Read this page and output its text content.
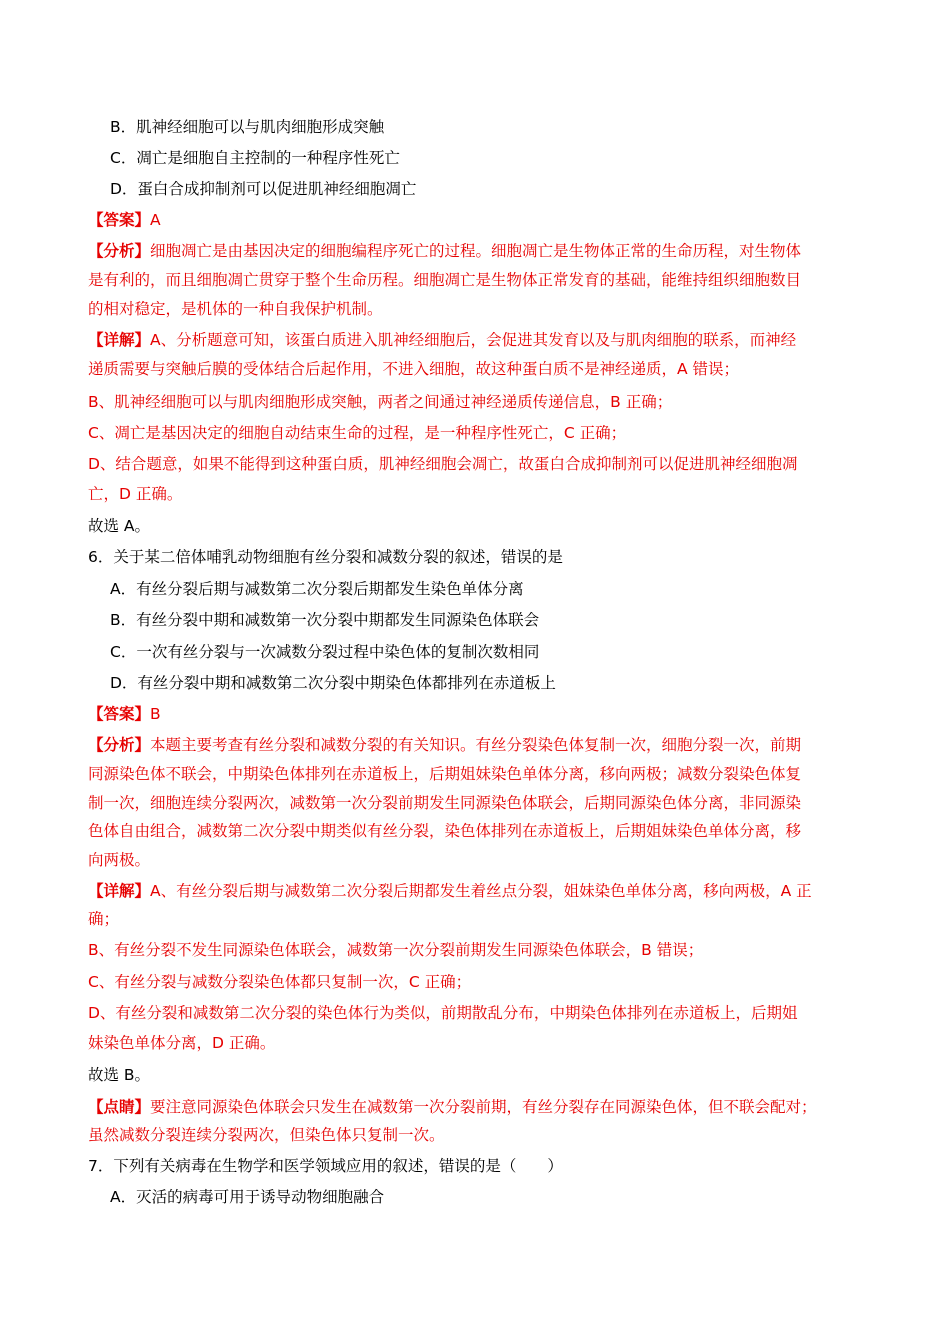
B．肌神经细胞可以与肌肉细胞形成突触
C．凋亡是细胞自主控制的一种程序性死亡
D．蛋白合成抑制剂可以促进肌神经细胞凋亡
【答案】A
【分析】细胞凋亡是由基因决定的细胞编程序死亡的过程。细胞凋亡是生物体正常的生命历程，对生物体
是有利的，而且细胞凋亡贯穿于整个生命历程。细胞凋亡是生物体正常发育的基础，能维持组织细胞数目
的相对稳定，是机体的一种自我保护机制。
【详解】A、分析题意可知，该蛋白质进入肌神经细胞后，会促进其发育以及与肌肉细胞的联系，而神经
递质需要与突触后膜的受体结合后起作用，不进入细胞，故这种蛋白质不是神经递质，A 错误；
B、肌神经细胞可以与肌肉细胞形成突触，两者之间通过神经递质传递信息，B 正确；
C、凋亡是基因决定的细胞自动结束生命的过程，是一种程序性死亡，C 正确；
D、结合题意，如果不能得到这种蛋白质，肌神经细胞会凋亡，故蛋白合成抑制剂可以促进肌神经细胞凋
亡，D 正确。
故选 A。
6．关于某二倍体哺乳动物细胞有丝分裂和减数分裂的叙述，错误的是
A．有丝分裂后期与减数第二次分裂后期都发生染色单体分离
B．有丝分裂中期和减数第一次分裂中期都发生同源染色体联会
C．一次有丝分裂与一次减数分裂过程中染色体的复制次数相同
D．有丝分裂中期和减数第二次分裂中期染色体都排列在赤道板上
【答案】B
【分析】本题主要考查有丝分裂和减数分裂的有关知识。有丝分裂染色体复制一次，细胞分裂一次，前期
同源染色体不联会，中期染色体排列在赤道板上，后期姐妹染色单体分离，移向两极；减数分裂染色体复
制一次，细胞连续分裂两次，减数第一次分裂前期发生同源染色体联会，后期同源染色体分离，非同源染
色体自由组合，减数第二次分裂中期类似有丝分裂，染色体排列在赤道板上，后期姐妹染色单体分离，移
向两极。
【详解】A、有丝分裂后期与减数第二次分裂后期都发生着丝点分裂，姐妹染色单体分离，移向两极，A 正
确；
B、有丝分裂不发生同源染色体联会，减数第一次分裂前期发生同源染色体联会，B 错误；
C、有丝分裂与减数分裂染色体都只复制一次，C 正确；
D、有丝分裂和减数第二次分裂的染色体行为类似，前期散乱分布，中期染色体排列在赤道板上，后期姐
妹染色单体分离，D 正确。
故选 B。
【点睛】要注意同源染色体联会只发生在减数第一次分裂前期，有丝分裂存在同源染色体，但不联会配对；
虽然减数分裂连续分裂两次，但染色体只复制一次。
7．下列有关病毒在生物学和医学领域应用的叙述，错误的是（　　）
A．灭活的病毒可用于诱导动物细胞融合
